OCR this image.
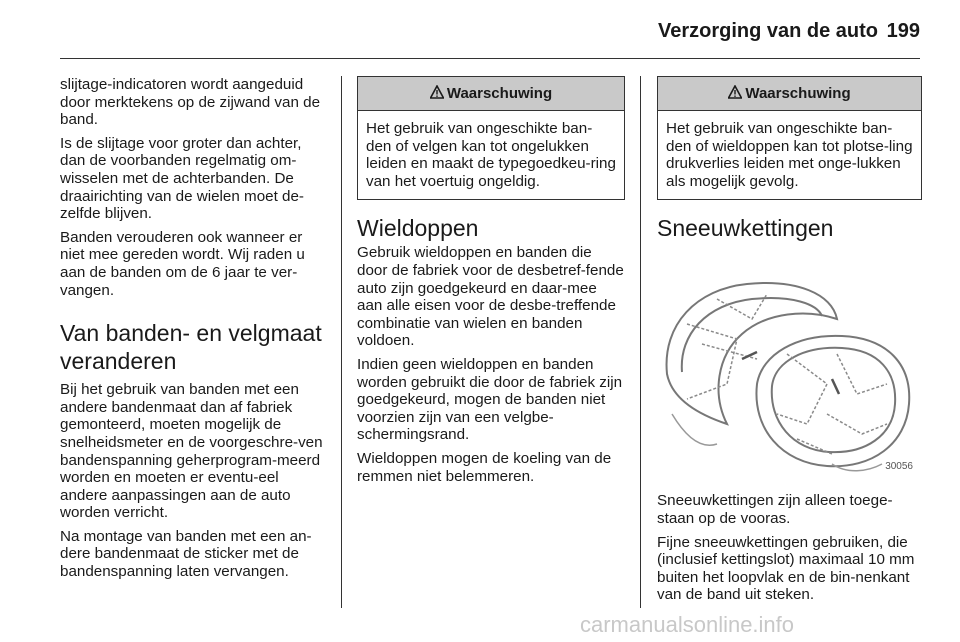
Verzorging van de auto 199

slijtage-indicatoren wordt aangeduid door merktekens op de zijwand van de band.

Is de slijtage voor groter dan achter, dan de voorbanden regelmatig om-wisselen met de achterbanden. De draairichting van de wielen moet de-zelfde blijven.

Banden verouderen ook wanneer er niet mee gereden wordt. Wij raden u aan de banden om de 6 jaar te ver-vangen.

Van banden- en velgmaat veranderen

Bij het gebruik van banden met een andere bandenmaat dan af fabriek gemonteerd, moeten mogelijk de snelheidsmeter en de voorgeschre-ven bandenspanning geherprogram-meerd worden en moeten er eventu-eel andere aanpassingen aan de auto worden verricht.

Na montage van banden met een an-dere bandenmaat de sticker met de bandenspanning laten vervangen.

Waarschuwing
Het gebruik van ongeschikte ban-den of velgen kan tot ongelukken leiden en maakt de typegoedkeu-ring van het voertuig ongeldig.
Wieldoppen

Gebruik wieldoppen en banden die door de fabriek voor de desbetref-fende auto zijn goedgekeurd en daar-mee aan alle eisen voor de desbe-treffende combinatie van wielen en banden voldoen.

Indien geen wieldoppen en banden worden gebruikt die door de fabriek zijn goedgekeurd, mogen de banden niet voorzien zijn van een velgbe-schermingsrand.

Wieldoppen mogen de koeling van de remmen niet belemmeren.

Waarschuwing
Het gebruik van ongeschikte ban-den of wieldoppen kan tot plotse-ling drukverlies leiden met onge-lukken als mogelijk gevolg.
Sneeuwkettingen
30056

Sneeuwkettingen zijn alleen toege-staan op de vooras.

Fijne sneeuwkettingen gebruiken, die (inclusief kettingslot) maximaal 10 mm buiten het loopvlak en de bin-nenkant van de band uit steken.

carmanualsonline.info
